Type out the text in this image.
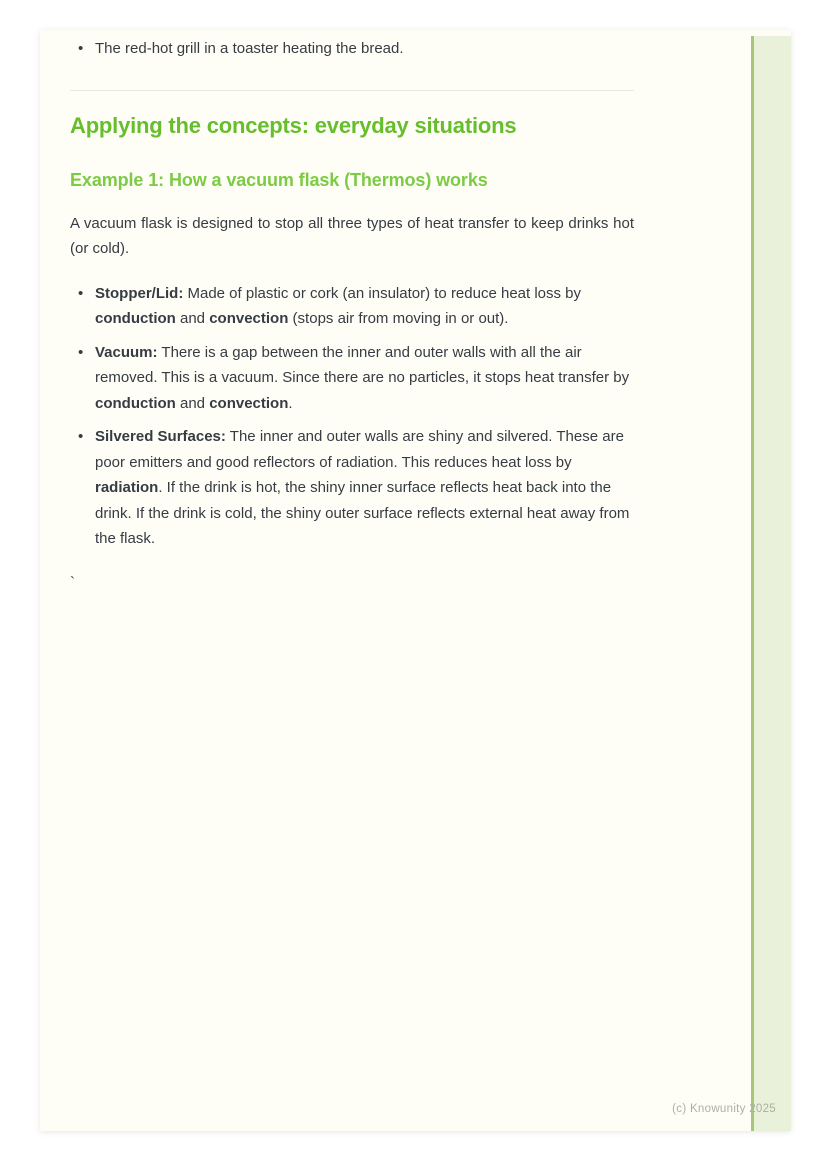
• The red-hot grill in a toaster heating the bread.
Applying the concepts: everyday situations
Example 1: How a vacuum flask (Thermos) works

A vacuum flask is designed to stop all three types of heat transfer to keep drinks hot (or cold).

• Stopper/Lid: Made of plastic or cork (an insulator) to reduce heat loss by conduction and convection (stops air from moving in or out).
• Vacuum: There is a gap between the inner and outer walls with all the air removed. This is a vacuum. Since there are no particles, it stops heat transfer by conduction and convection.
• Silvered Surfaces: The inner and outer walls are shiny and silvered. These are poor emitters and good reflectors of radiation. This reduces heat loss by radiation. If the drink is hot, the shiny inner surface reflects heat back into the drink. If the drink is cold, the shiny outer surface reflects external heat away from the flask.

`

(c) Knowunity 2025
